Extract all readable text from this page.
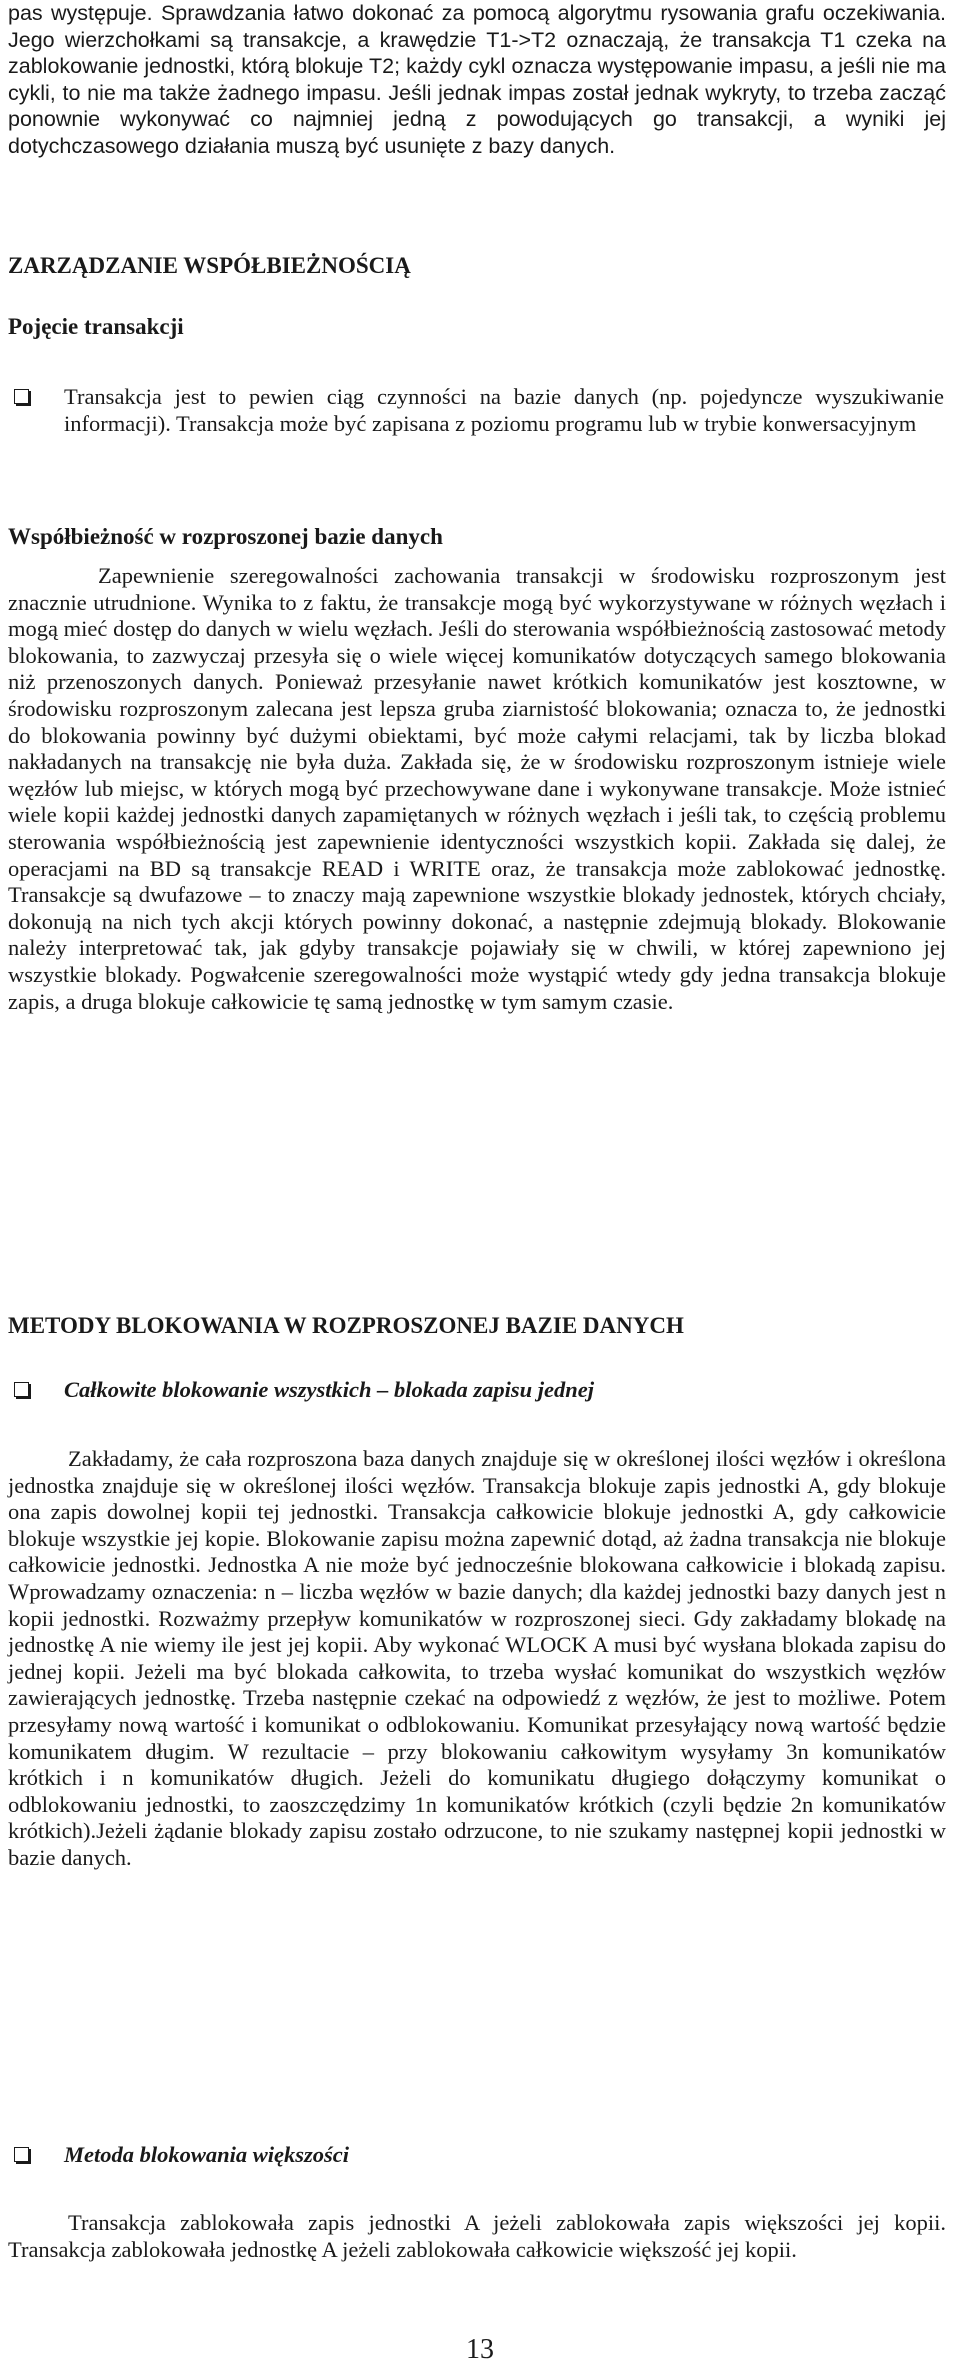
pas występuje. Sprawdzania łatwo dokonać za pomocą algorytmu rysowania grafu oczekiwania. Jego wierzchołkami są transakcje, a krawędzie T1->T2 oznaczają, że transakcja T1 czeka na zablokowanie jednostki, którą blokuje T2; każdy cykl oznacza występowanie impasu, a jeśli nie ma cykli, to nie ma także żadnego impasu. Jeśli jednak impas został jednak wykryty, to trzeba zacząć ponownie wykonywać co najmniej jedną z powodujących go transakcji, a wyniki jej dotychczasowego działania muszą być usunięte z bazy danych.

ZARZĄDZANIE WSPÓŁBIEŻNOŚCIĄ
Pojęcie transakcji

Transakcja jest to pewien ciąg czynności na bazie danych (np. pojedyncze wyszukiwanie informacji). Transakcja może być zapisana z poziomu programu lub w trybie konwersacyjnym

Współbieżność w rozproszonej bazie danych

Zapewnienie szeregowalności zachowania transakcji w środowisku rozproszonym jest znacznie utrudnione. Wynika to z faktu, że transakcje mogą być wykorzystywane w różnych węzłach i mogą mieć dostęp do danych w wielu węzłach. Jeśli do sterowania współbieżnością zastosować metody blokowania, to zazwyczaj przesyła się o wiele więcej komunikatów dotyczących samego blokowania niż przenoszonych danych. Ponieważ przesyłanie nawet krótkich komunikatów jest kosztowne, w środowisku rozproszonym zalecana jest lepsza gruba ziarnistość blokowania; oznacza to, że jednostki do blokowania powinny być dużymi obiektami, być może całymi relacjami, tak by liczba blokad nakładanych na transakcję nie była duża. Zakłada się, że w środowisku rozproszonym istnieje wiele węzłów lub miejsc, w których mogą być przechowywane dane i wykonywane transakcje. Może istnieć wiele kopii każdej jednostki danych zapamiętanych w różnych węzłach i jeśli tak, to częścią problemu sterowania współbieżnością jest zapewnienie identyczności wszystkich kopii. Zakłada się dalej, że operacjami na BD są transakcje READ i WRITE oraz, że transakcja może zablokować jednostkę. Transakcje są dwufazowe – to znaczy mają zapewnione wszystkie blokady jednostek, których chciały, dokonują na nich tych akcji których powinny dokonać, a następnie zdejmują blokady. Blokowanie należy interpretować tak, jak gdyby transakcje pojawiały się w chwili, w której zapewniono jej wszystkie blokady. Pogwałcenie szeregowalności może wystąpić wtedy gdy jedna transakcja blokuje zapis, a druga blokuje całkowicie tę samą jednostkę w tym samym czasie.

METODY BLOKOWANIA W ROZPROSZONEJ BAZIE DANYCH

Całkowite blokowanie wszystkich – blokada zapisu jednej

Zakładamy, że cała rozproszona baza danych znajduje się w określonej ilości węzłów i określona jednostka znajduje się w określonej ilości węzłów. Transakcja blokuje zapis jednostki A, gdy blokuje ona zapis dowolnej kopii tej jednostki. Transakcja całkowicie blokuje jednostki A, gdy całkowicie blokuje wszystkie jej kopie. Blokowanie zapisu można zapewnić dotąd, aż żadna transakcja nie blokuje całkowicie jednostki. Jednostka A nie może być jednocześnie blokowana całkowicie i blokadą zapisu. Wprowadzamy oznaczenia: n – liczba węzłów w bazie danych; dla każdej jednostki bazy danych jest n kopii jednostki. Rozważmy przepływ komunikatów w rozproszonej sieci. Gdy zakładamy blokadę na jednostkę A nie wiemy ile jest jej kopii. Aby wykonać WLOCK A musi być wysłana blokada zapisu do jednej kopii. Jeżeli ma być blokada całkowita, to trzeba wysłać komunikat do wszystkich węzłów zawierających jednostkę. Trzeba następnie czekać na odpowiedź z węzłów, że jest to możliwe. Potem przesyłamy nową wartość i komunikat o odblokowaniu. Komunikat przesyłający nową wartość będzie komunikatem długim. W rezultacie – przy blokowaniu całkowitym wysyłamy 3n komunikatów krótkich i n komunikatów długich. Jeżeli do komunikatu długiego dołączymy komunikat o odblokowaniu jednostki, to zaoszczędzimy 1n komunikatów krótkich (czyli będzie 2n komunikatów krótkich).Jeżeli żądanie blokady zapisu zostało odrzucone, to nie szukamy następnej kopii jednostki w bazie danych.

Metoda blokowania większości

Transakcja zablokowała zapis jednostki A jeżeli zablokowała zapis większości jej kopii. Transakcja zablokowała jednostkę A jeżeli zablokowała całkowicie większość jej kopii.

13
